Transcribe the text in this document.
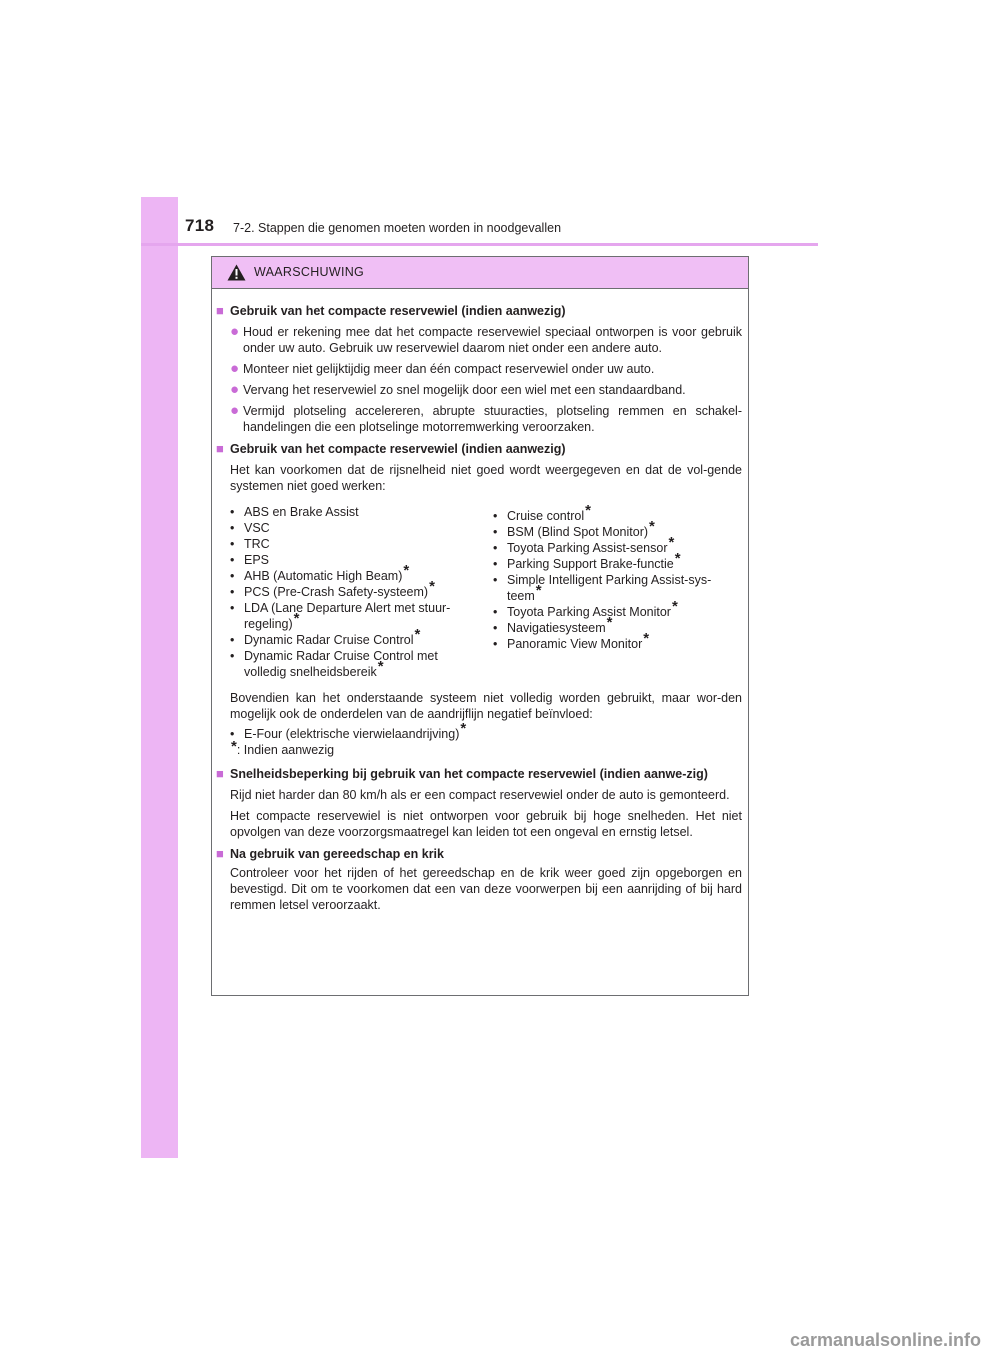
718 7-2. Stappen die genomen moeten worden in noodgevallen
WAARSCHUWING
■ Gebruik van het compacte reservewiel (indien aanwezig)
● Houd er rekening mee dat het compacte reservewiel speciaal ontworpen is voor gebruik onder uw auto. Gebruik uw reservewiel daarom niet onder een andere auto.
● Monteer niet gelijktijdig meer dan één compact reservewiel onder uw auto.
● Vervang het reservewiel zo snel mogelijk door een wiel met een standaardband.
● Vermijd plotseling accelereren, abrupte stuuracties, plotseling remmen en schakel-handelingen die een plotselinge motorremwerking veroorzaken.
■ Gebruik van het compacte reservewiel (indien aanwezig)
Het kan voorkomen dat de rijsnelheid niet goed wordt weergegeven en dat de vol-gende systemen niet goed werken:
• ABS en Brake Assist
• VSC
• TRC
• EPS
• AHB (Automatic High Beam)*
• PCS (Pre-Crash Safety-systeem)*
• LDA (Lane Departure Alert met stuur-regeling)*
• Dynamic Radar Cruise Control*
• Dynamic Radar Cruise Control met volledig snelheidsbereik*
• Cruise control*
• BSM (Blind Spot Monitor)*
• Toyota Parking Assist-sensor*
• Parking Support Brake-functie*
• Simple Intelligent Parking Assist-sys-teem*
• Toyota Parking Assist Monitor*
• Navigatiesysteem*
• Panoramic View Monitor*
Bovendien kan het onderstaande systeem niet volledig worden gebruikt, maar wor-den mogelijk ook de onderdelen van de aandrijflijn negatief beïnvloed:
• E-Four (elektrische vierwielaandrijving)*
*: Indien aanwezig
■ Snelheidsbeperking bij gebruik van het compacte reservewiel (indien aanwe-zig)
Rijd niet harder dan 80 km/h als er een compact reservewiel onder de auto is gemonteerd.
Het compacte reservewiel is niet ontworpen voor gebruik bij hoge snelheden. Het niet opvolgen van deze voorzorgsmaatregel kan leiden tot een ongeval en ernstig letsel.
■ Na gebruik van gereedschap en krik
Controleer voor het rijden of het gereedschap en de krik weer goed zijn opgeborgen en bevestigd. Dit om te voorkomen dat een van deze voorwerpen bij een aanrijding of bij hard remmen letsel veroorzaakt.
carmanualsonline.info
